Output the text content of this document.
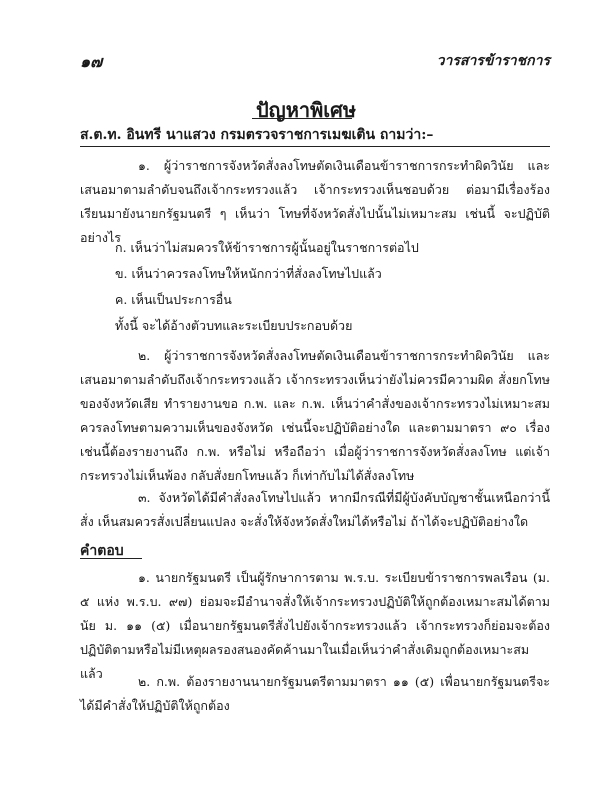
๑๗	วารสารข้าราชการ
ปัญหาพิเศษ
ส.ต.ท. อินทรี นาแสวง กรมตรวจราชการเมฆเติน ถามว่า:–
๑. ผู้ว่าราชการจังหวัดสั่งลงโทษตัดเงินเดือนข้าราชการกระทำผิดวินัย และเสนอมาตามลำดับจนถึงเจ้ากระทรวงแล้ว เจ้ากระทรวงเห็นชอบด้วย ต่อมามีเรื่องร้องเรียนมายังนายกรัฐมนตรี ๆ เห็นว่า โทษที่จังหวัดสั่งไปนั้นไม่เหมาะสม เช่นนี้ จะปฏิบัติอย่างไร
ก. เห็นว่าไม่สมควรให้ข้าราชการผู้นั้นอยู่ในราชการต่อไป
ข. เห็นว่าควรลงโทษให้หนักกว่าที่สั่งลงโทษไปแล้ว
ค. เห็นเป็นประการอื่น
ทั้งนี้ จะได้อ้างตัวบทและระเบียบประกอบด้วย
๒. ผู้ว่าราชการจังหวัดสั่งลงโทษตัดเงินเดือนข้าราชการกระทำผิดวินัย และเสนอมาตามลำดับถึงเจ้ากระทรวงแล้ว เจ้ากระทรวงเห็นว่ายังไม่ควรมีความผิด สั่งยกโทษของจังหวัดเสีย ทำรายงานขอ ก.พ. และ ก.พ. เห็นว่าคำสั่งของเจ้ากระทรวงไม่เหมาะสม ควรลงโทษตามความเห็นของจังหวัด เช่นนี้จะปฏิบัติอย่างใด และตามมาตรา ๙๐ เรื่องเช่นนี้ต้องรายงานถึง ก.พ. หรือไม่ หรือถือว่า เมื่อผู้ว่าราชการจังหวัดสั่งลงโทษ แต่เจ้ากระทรวงไม่เห็นพ้อง กลับสั่งยกโทษแล้ว ก็เท่ากับไม่ได้สั่งลงโทษ
๓. จังหวัดได้มีคำสั่งลงโทษไปแล้ว หากมีกรณีที่มีผู้บังคับบัญชาชั้นเหนือกว่านี้สั่ง เห็นสมควรสั่งเปลี่ยนแปลง จะสั่งให้จังหวัดสั่งใหม่ได้หรือไม่ ถ้าได้จะปฏิบัติอย่างใด
คำตอบ
๑. นายกรัฐมนตรี เป็นผู้รักษาการตาม พ.ร.บ. ระเบียบข้าราชการพลเรือน (ม. ๕ แห่ง พ.ร.บ. ๙๗) ย่อมจะมีอำนาจสั่งให้เจ้ากระทรวงปฏิบัติให้ถูกต้องเหมาะสมได้ตามนัย ม. ๑๑ (๕) เมื่อนายกรัฐมนตรีสั่งไปยังเจ้ากระทรวงแล้ว เจ้ากระทรวงก็ย่อมจะต้องปฏิบัติตามหรือไม่มีเหตุผลรองสนองคัดค้านมาในเมื่อเห็นว่าคำสั่งเดิมถูกต้องเหมาะสมแล้ว
๒. ก.พ. ต้องรายงานนายกรัฐมนตรีตามมาตรา ๑๑ (๕) เพื่อนายกรัฐมนตรีจะได้มีคำสั่งให้ปฏิบัติให้ถูกต้อง
